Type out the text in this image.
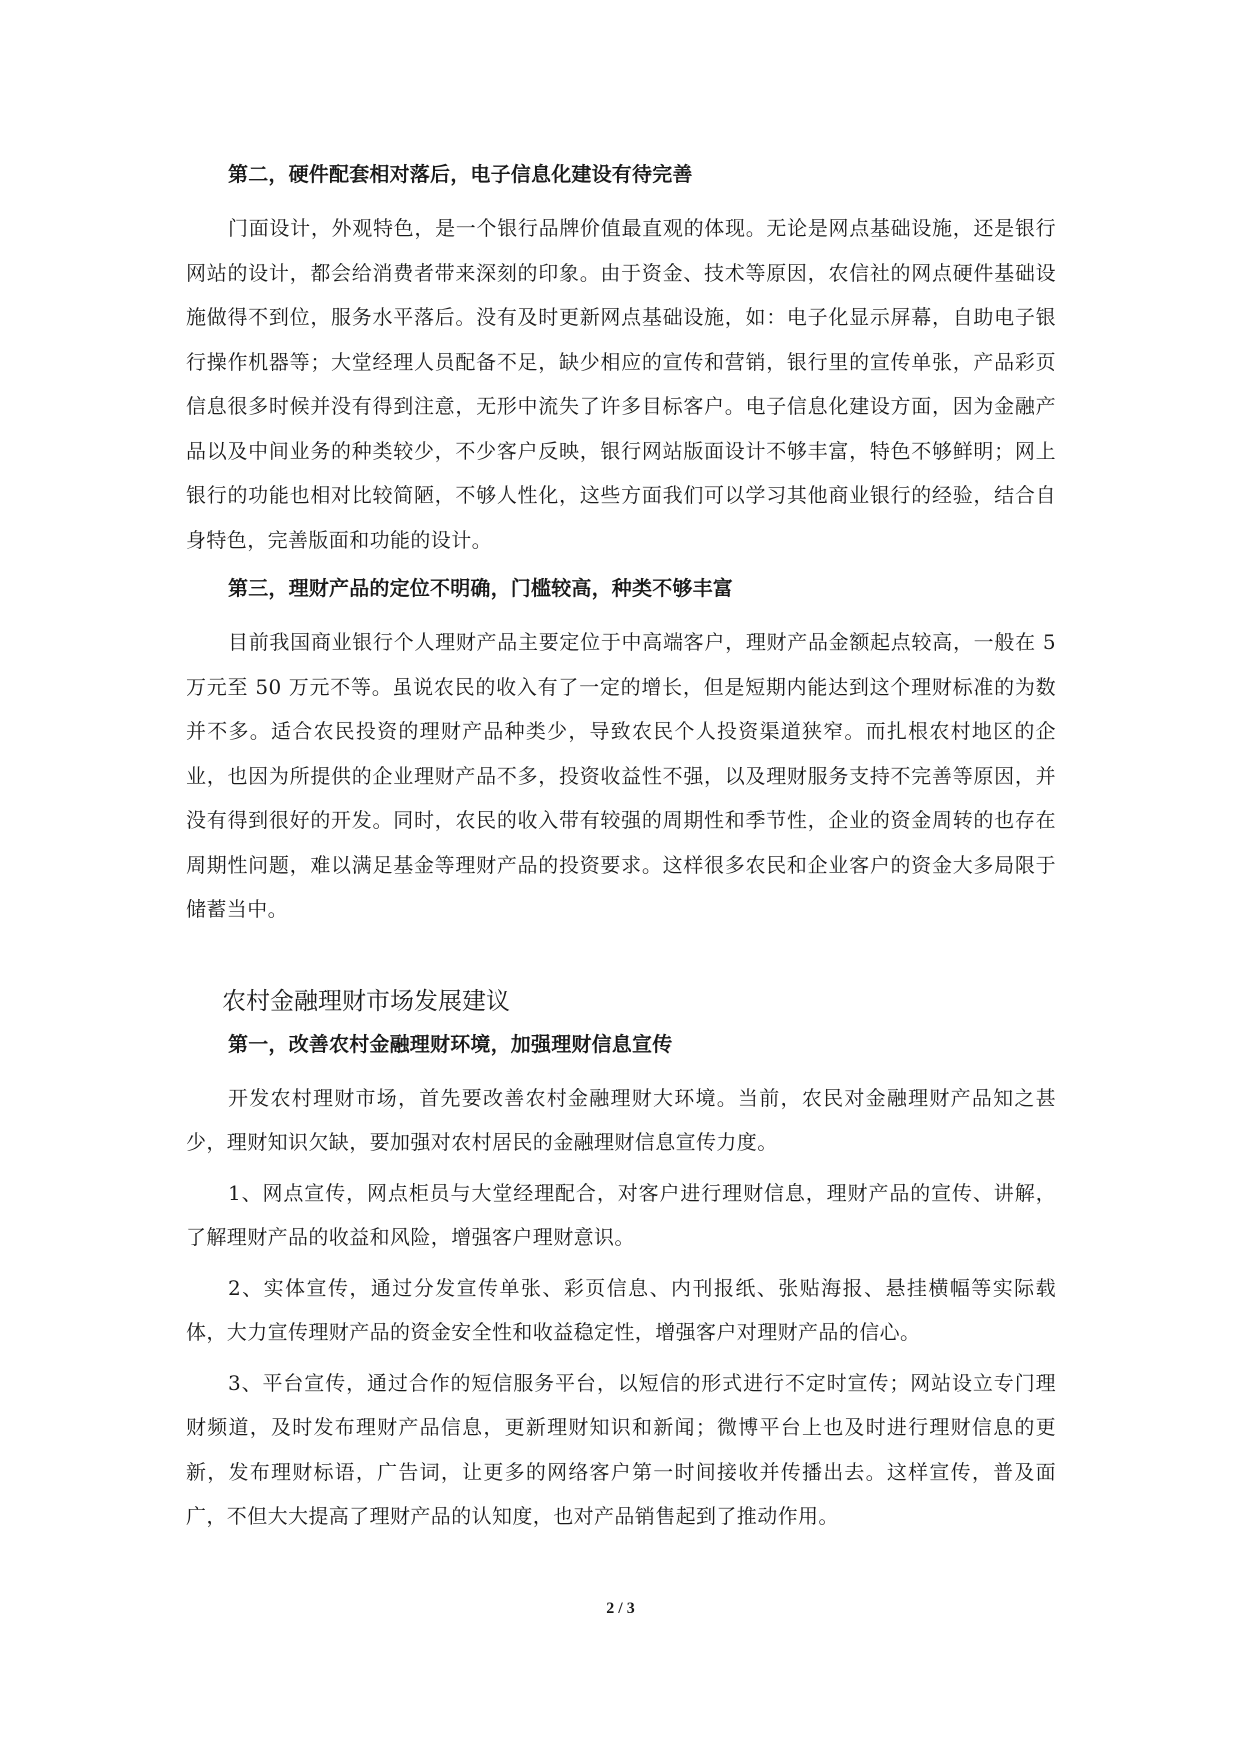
第二，硬件配套相对落后，电子信息化建设有待完善

门面设计，外观特色，是一个银行品牌价值最直观的体现。无论是网点基础设施，还是银行网站的设计，都会给消费者带来深刻的印象。由于资金、技术等原因，农信社的网点硬件基础设施做得不到位，服务水平落后。没有及时更新网点基础设施，如：电子化显示屏幕，自助电子银行操作机器等；大堂经理人员配备不足，缺少相应的宣传和营销，银行里的宣传单张，产品彩页信息很多时候并没有得到注意，无形中流失了许多目标客户。电子信息化建设方面，因为金融产品以及中间业务的种类较少，不少客户反映，银行网站版面设计不够丰富，特色不够鲜明；网上银行的功能也相对比较简陋，不够人性化，这些方面我们可以学习其他商业银行的经验，结合自身特色，完善版面和功能的设计。

第三，理财产品的定位不明确，门槛较高，种类不够丰富

目前我国商业银行个人理财产品主要定位于中高端客户，理财产品金额起点较高，一般在 5 万元至 50 万元不等。虽说农民的收入有了一定的增长，但是短期内能达到这个理财标准的为数并不多。适合农民投资的理财产品种类少，导致农民个人投资渠道狭窄。而扎根农村地区的企业，也因为所提供的企业理财产品不多，投资收益性不强，以及理财服务支持不完善等原因，并没有得到很好的开发。同时，农民的收入带有较强的周期性和季节性，企业的资金周转的也存在周期性问题，难以满足基金等理财产品的投资要求。这样很多农民和企业客户的资金大多局限于储蓄当中。

农村金融理财市场发展建议

第一，改善农村金融理财环境，加强理财信息宣传

开发农村理财市场，首先要改善农村金融理财大环境。当前，农民对金融理财产品知之甚少，理财知识欠缺，要加强对农村居民的金融理财信息宣传力度。

1、网点宣传，网点柜员与大堂经理配合，对客户进行理财信息，理财产品的宣传、讲解，了解理财产品的收益和风险，增强客户理财意识。

2、实体宣传，通过分发宣传单张、彩页信息、内刊报纸、张贴海报、悬挂横幅等实际载体，大力宣传理财产品的资金安全性和收益稳定性，增强客户对理财产品的信心。

3、平台宣传，通过合作的短信服务平台，以短信的形式进行不定时宣传；网站设立专门理财频道，及时发布理财产品信息，更新理财知识和新闻；微博平台上也及时进行理财信息的更新，发布理财标语，广告词，让更多的网络客户第一时间接收并传播出去。这样宣传，普及面广，不但大大提高了理财产品的认知度，也对产品销售起到了推动作用。

2 / 3
